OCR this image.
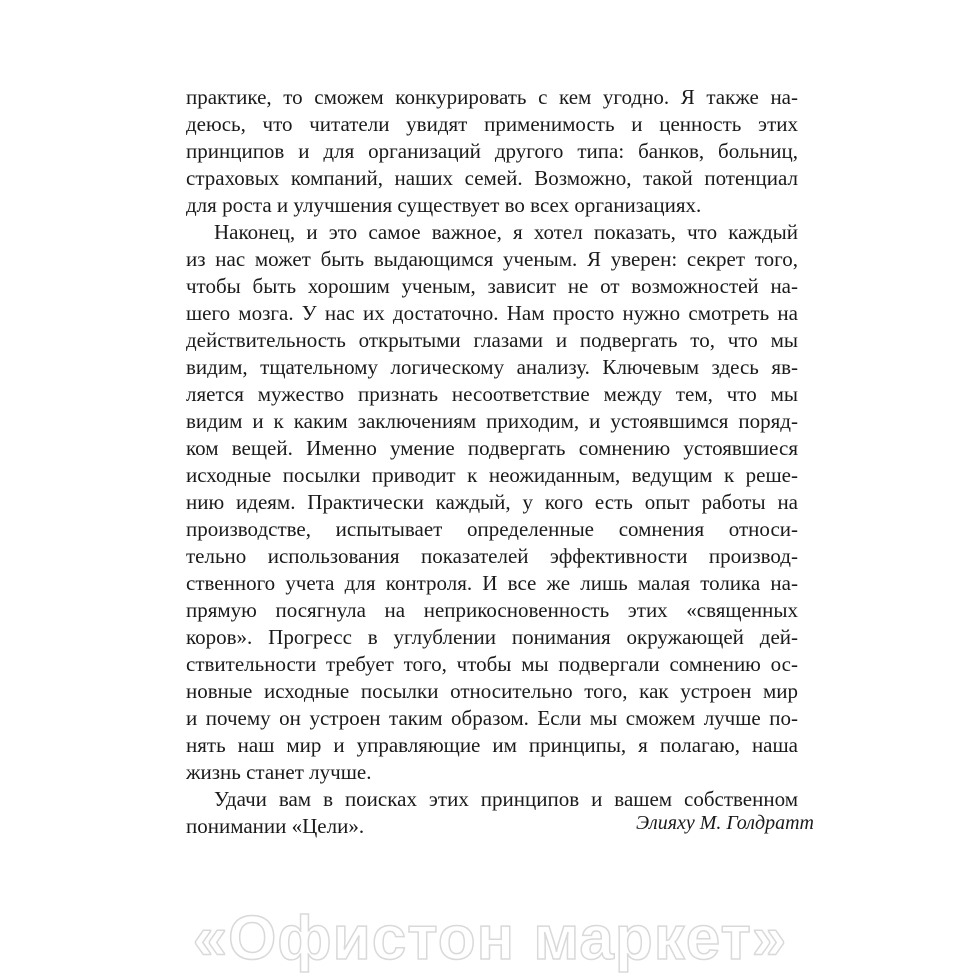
практике, то сможем конкурировать с кем угодно. Я также на-
деюсь, что читатели увидят применимость и ценность этих
принципов и для организаций другого типа: банков, больниц,
страховых компаний, наших семей. Возможно, такой потенциал
для роста и улучшения существует во всех организациях.
Наконец, и это самое важное, я хотел показать, что каждый
из нас может быть выдающимся ученым. Я уверен: секрет того,
чтобы быть хорошим ученым, зависит не от возможностей на-
шего мозга. У нас их достаточно. Нам просто нужно смотреть на
действительность открытыми глазами и подвергать то, что мы
видим, тщательному логическому анализу. Ключевым здесь яв-
ляется мужество признать несоответствие между тем, что мы
видим и к каким заключениям приходим, и устоявшимся поряд-
ком вещей. Именно умение подвергать сомнению устоявшиеся
исходные посылки приводит к неожиданным, ведущим к реше-
нию идеям. Практически каждый, у кого есть опыт работы на
производстве, испытывает определенные сомнения относи-
тельно использования показателей эффективности производ-
ственного учета для контроля. И все же лишь малая толика на-
прямую посягнула на неприкосновенность этих «священных
коров». Прогресс в углублении понимания окружающей дей-
ствительности требует того, чтобы мы подвергали сомнению ос-
новные исходные посылки относительно того, как устроен мир
и почему он устроен таким образом. Если мы сможем лучше по-
нять наш мир и управляющие им принципы, я полагаю, наша
жизнь станет лучше.
Удачи вам в поисках этих принципов и вашем собственном
понимании «Цели».	Элияху М. Голдратт
«Офистон маркет»
